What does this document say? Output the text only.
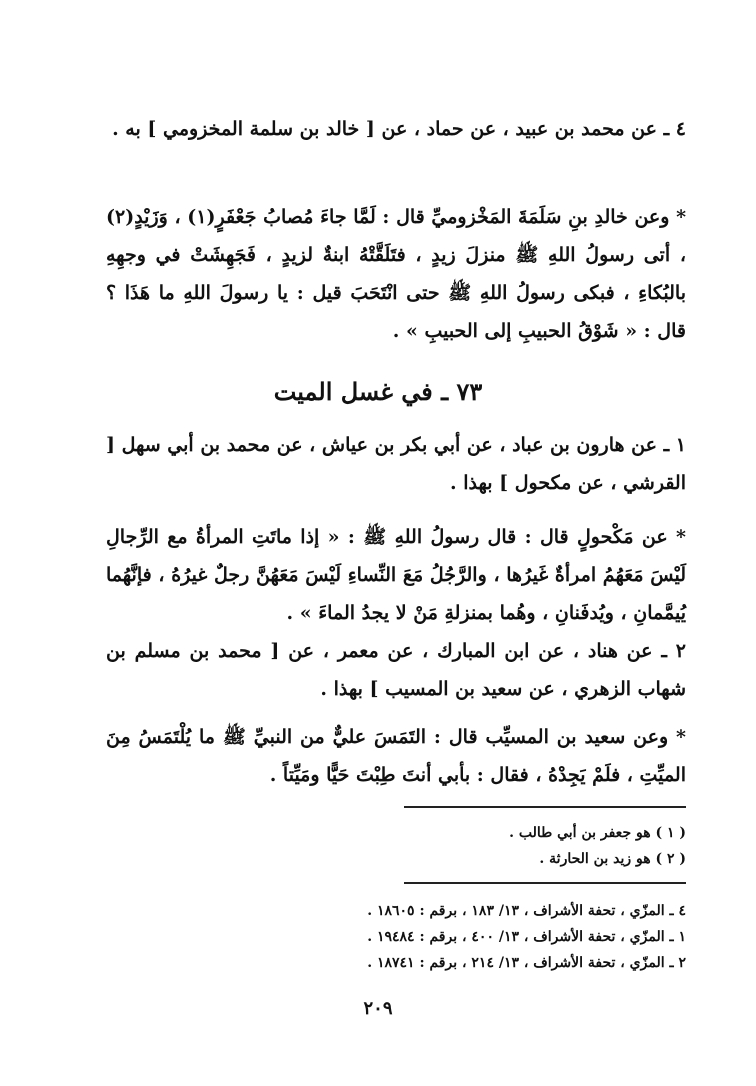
٤ ـ عن محمد بن عبيد ، عن حماد ، عن [ خالد بن سلمة المخزومي ] به .
* وعن خالدِ بنِ سَلَمَةَ المَخْزوميِّ قال : لَمَّا جاءَ مُصابُ جَعْفَرٍ(١) ، وَزَيْدٍ(٢) ، أتى رسولُ اللهِ ﷺ منزلَ زيدٍ ، فتَلَقَّتْهُ ابنةٌ لزيدٍ ، فَجَهِشَتْ في وجهِهِ بالبُكاءِ ، فبكى رسولُ اللهِ ﷺ حتى انْتَحَبَ قيل : يا رسولَ اللهِ ما هَذَا ؟ قال : « شَوْقُ الحبيبِ إلى الحبيبِ » .
٧٣ ـ في غسل الميت
١ ـ عن هارون بن عباد ، عن أبي بكر بن عياش ، عن محمد بن أبي سهل [ القرشي ، عن مكحول ] بهذا .
* عن مَكْحولٍ قال : قال رسولُ اللهِ ﷺ : « إذا ماتَتِ المرأةُ مع الرِّجالِ لَيْسَ مَعَهُمُ امرأةٌ غَيرُها ، والرَّجُلُ مَعَ النِّساءِ لَيْسَ مَعَهُنَّ رجلٌ غيرُهُ ، فإنَّهُما يُيمَّمانِ ، ويُدفَنانِ ، وهُما بمنزلةِ مَنْ لا يجدُ الماءَ » .
٢ ـ عن هناد ، عن ابن المبارك ، عن معمر ، عن [ محمد بن مسلم بن شهاب الزهري ، عن سعيد بن المسيب ] بهذا .
* وعن سعيد بن المسيِّب قال : التَمَسَ عليٌّ من النبيِّ ﷺ ما يُلْتَمَسُ مِنَ الميِّتِ ، فلَمْ يَجِدْهُ ، فقال : بأبي أنتَ طِبْتَ حَيًّا ومَيِّتاً .
( ١ ) هو جعفر بن أبي طالب .
( ٢ ) هو زيد بن الحارثة .
٤ ـ المزّي ، تحفة الأشراف ، ١٣/ ١٨٣ ، برقم : ١٨٦٠٥ .
١ ـ المزّي ، تحفة الأشراف ، ١٣/ ٤٠٠ ، برقم : ١٩٤٨٤ .
٢ ـ المزّي ، تحفة الأشراف ، ١٣/ ٢١٤ ، برقم : ١٨٧٤١ .
٢٠٩
